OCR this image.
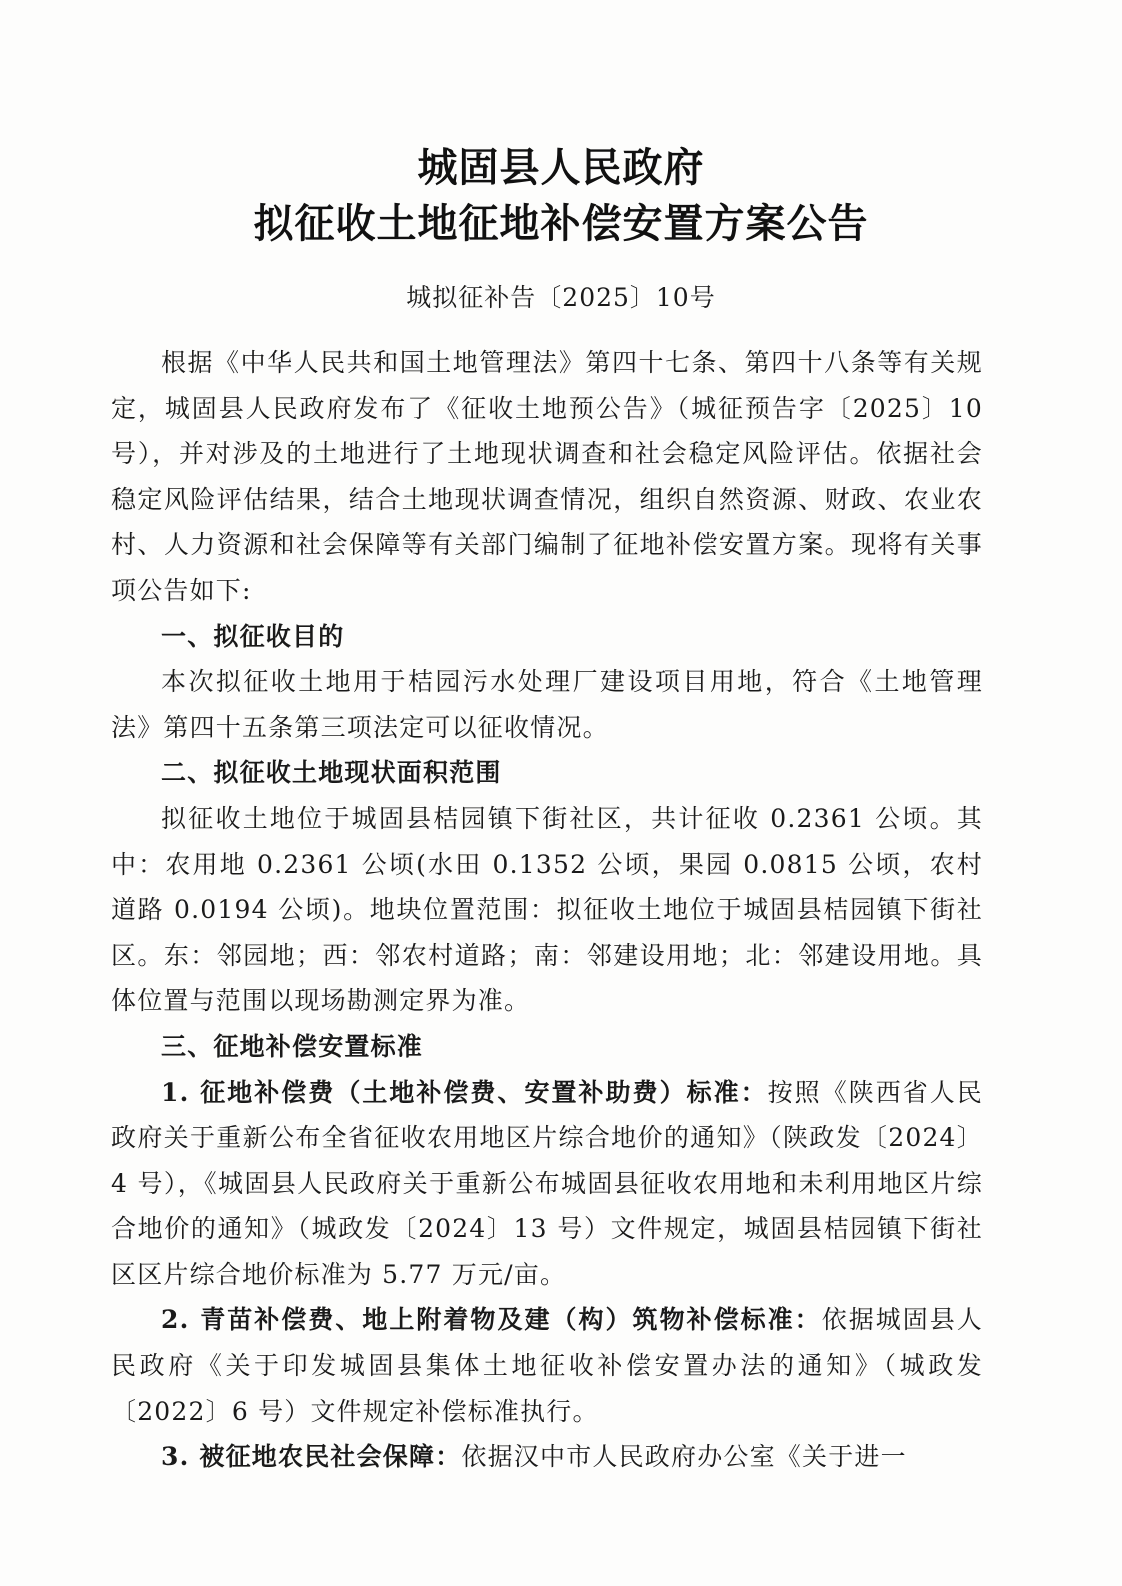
城固县人民政府
拟征收土地征地补偿安置方案公告
城拟征补告〔2025〕10号

根据《中华人民共和国土地管理法》第四十七条、第四十八条等有关规定，城固县人民政府发布了《征收土地预公告》（城征预告字〔2025〕10 号），并对涉及的土地进行了土地现状调查和社会稳定风险评估。依据社会稳定风险评估结果，结合土地现状调查情况，组织自然资源、财政、农业农村、人力资源和社会保障等有关部门编制了征地补偿安置方案。现将有关事项公告如下:

一、拟征收目的

本次拟征收土地用于桔园污水处理厂建设项目用地，符合《土地管理法》第四十五条第三项法定可以征收情况。

二、拟征收土地现状面积范围

拟征收土地位于城固县桔园镇下街社区，共计征收 0.2361 公顷。其中：农用地 0.2361 公顷(水田 0.1352 公顷，果园 0.0815 公顷，农村道路 0.0194 公顷)。地块位置范围：拟征收土地位于城固县桔园镇下街社区。东：邻园地；西：邻农村道路；南：邻建设用地；北：邻建设用地。具体位置与范围以现场勘测定界为准。

三、征地补偿安置标准

1. 征地补偿费（土地补偿费、安置补助费）标准：按照《陕西省人民政府关于重新公布全省征收农用地区片综合地价的通知》（陕政发〔2024〕4 号），《城固县人民政府关于重新公布城固县征收农用地和未利用地区片综合地价的通知》（城政发〔2024〕13 号）文件规定，城固县桔园镇下街社区区片综合地价标准为 5.77 万元/亩。

2. 青苗补偿费、地上附着物及建（构）筑物补偿标准：依据城固县人民政府《关于印发城固县集体土地征收补偿安置办法的通知》（城政发〔2022〕6 号）文件规定补偿标准执行。

3. 被征地农民社会保障：依据汉中市人民政府办公室《关于进一
